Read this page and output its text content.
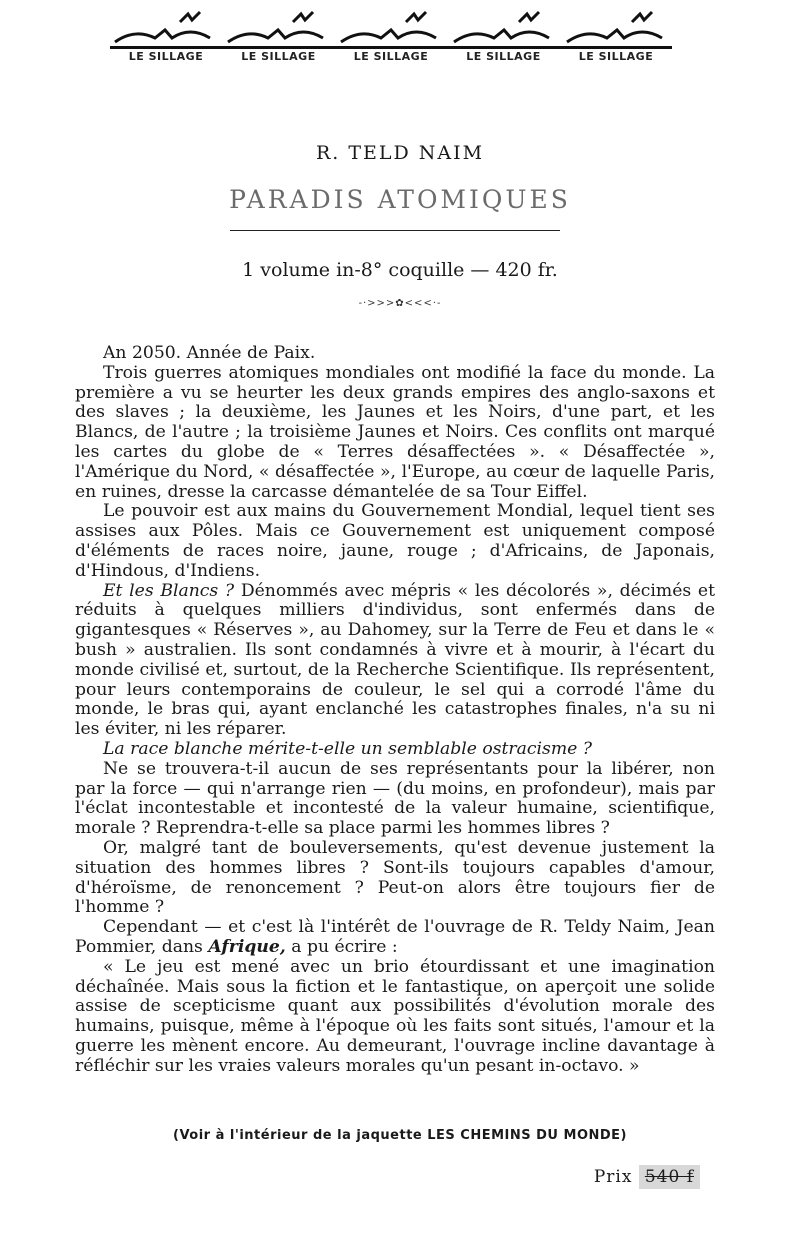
LE SILLAGE	LE SILLAGE	LE SILLAGE	LE SILLAGE	LE SILLAGE
R. TELD NAIM
PARADIS ATOMIQUES
1 volume in-8° coquille — 420 fr.
-·>>>✿<<<·-

An 2050. Année de Paix.

Trois guerres atomiques mondiales ont modifié la face du monde. La première a vu se heurter les deux grands empires des anglo-saxons et des slaves ; la deuxième, les Jaunes et les Noirs, d'une part, et les Blancs, de l'autre ; la troisième Jaunes et Noirs. Ces conflits ont marqué les cartes du globe de « Terres désaffectées ». « Désaffectée », l'Amérique du Nord, « désaffectée », l'Europe, au cœur de laquelle Paris, en ruines, dresse la carcasse démantelée de sa Tour Eiffel.

Le pouvoir est aux mains du Gouvernement Mondial, lequel tient ses assises aux Pôles. Mais ce Gouvernement est uniquement composé d'éléments de races noire, jaune, rouge ; d'Africains, de Japonais, d'Hindous, d'Indiens.

Et les Blancs ? Dénommés avec mépris « les décolorés », décimés et réduits à quelques milliers d'individus, sont enfermés dans de gigantesques « Réserves », au Dahomey, sur la Terre de Feu et dans le « bush » australien. Ils sont condamnés à vivre et à mourir, à l'écart du monde civilisé et, surtout, de la Recherche Scientifique. Ils représentent, pour leurs contemporains de couleur, le sel qui a corrodé l'âme du monde, le bras qui, ayant enclanché les catastrophes finales, n'a su ni les éviter, ni les réparer.

La race blanche mérite-t-elle un semblable ostracisme ?

Ne se trouvera-t-il aucun de ses représentants pour la libérer, non par la force — qui n'arrange rien — (du moins, en profondeur), mais par l'éclat incontestable et incontesté de la valeur humaine, scientifique, morale ? Reprendra-t-elle sa place parmi les hommes libres ?

Or, malgré tant de bouleversements, qu'est devenue justement la situation des hommes libres ? Sont-ils toujours capables d'amour, d'héroïsme, de renoncement ? Peut-on alors être toujours fier de l'homme ?

Cependant — et c'est là l'intérêt de l'ouvrage de R. Teldy Naim, Jean Pommier, dans Afrique, a pu écrire :

« Le jeu est mené avec un brio étourdissant et une imagination déchaînée. Mais sous la fiction et le fantastique, on aperçoit une solide assise de scepticisme quant aux possibilités d'évolution morale des humains, puisque, même à l'époque où les faits sont situés, l'amour et la guerre les mènent encore. Au demeurant, l'ouvrage incline davantage à réfléchir sur les vraies valeurs morales qu'un pesant in-octavo. »

(Voir à l'intérieur de la jaquette LES CHEMINS DU MONDE)
Prix 540 f
